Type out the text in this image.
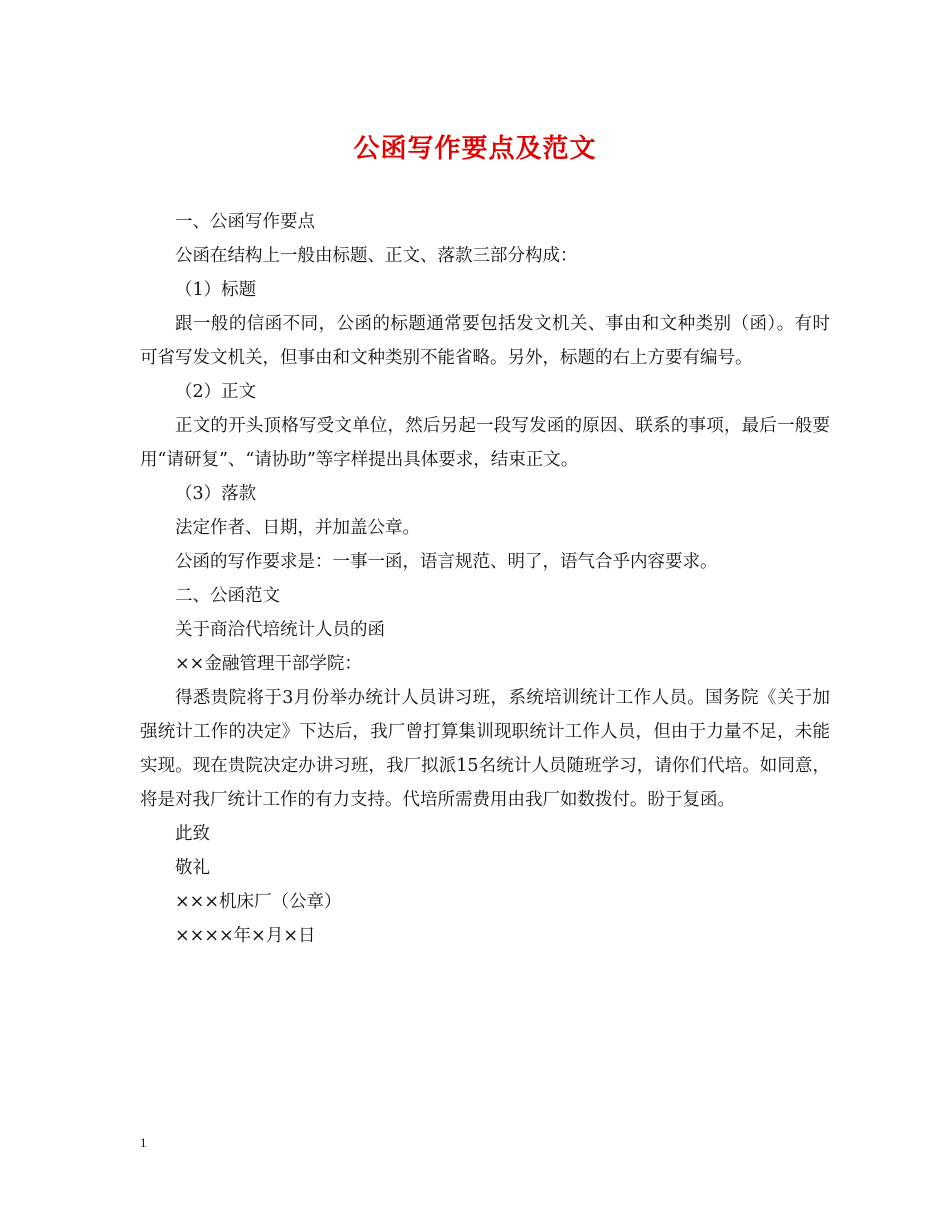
公函写作要点及范文

一、公函写作要点

公函在结构上一般由标题、正文、落款三部分构成：

（1）标题

跟一般的信函不同，公函的标题通常要包括发文机关、事由和文种类别（函）。有时可省写发文机关，但事由和文种类别不能省略。另外，标题的右上方要有编号。

（2）正文

正文的开头顶格写受文单位，然后另起一段写发函的原因、联系的事项，最后一般要用“请研复”、“请协助”等字样提出具体要求，结束正文。

（3）落款

法定作者、日期，并加盖公章。

公函的写作要求是：一事一函，语言规范、明了，语气合乎内容要求。

二、公函范文

关于商洽代培统计人员的函

××金融管理干部学院：

得悉贵院将于3月份举办统计人员讲习班，系统培训统计工作人员。国务院《关于加强统计工作的决定》下达后，我厂曾打算集训现职统计工作人员，但由于力量不足，未能实现。现在贵院决定办讲习班，我厂拟派15名统计人员随班学习，请你们代培。如同意，将是对我厂统计工作的有力支持。代培所需费用由我厂如数拨付。盼于复函。

此致

敬礼

×××机床厂（公章）

××××年×月×日

1
